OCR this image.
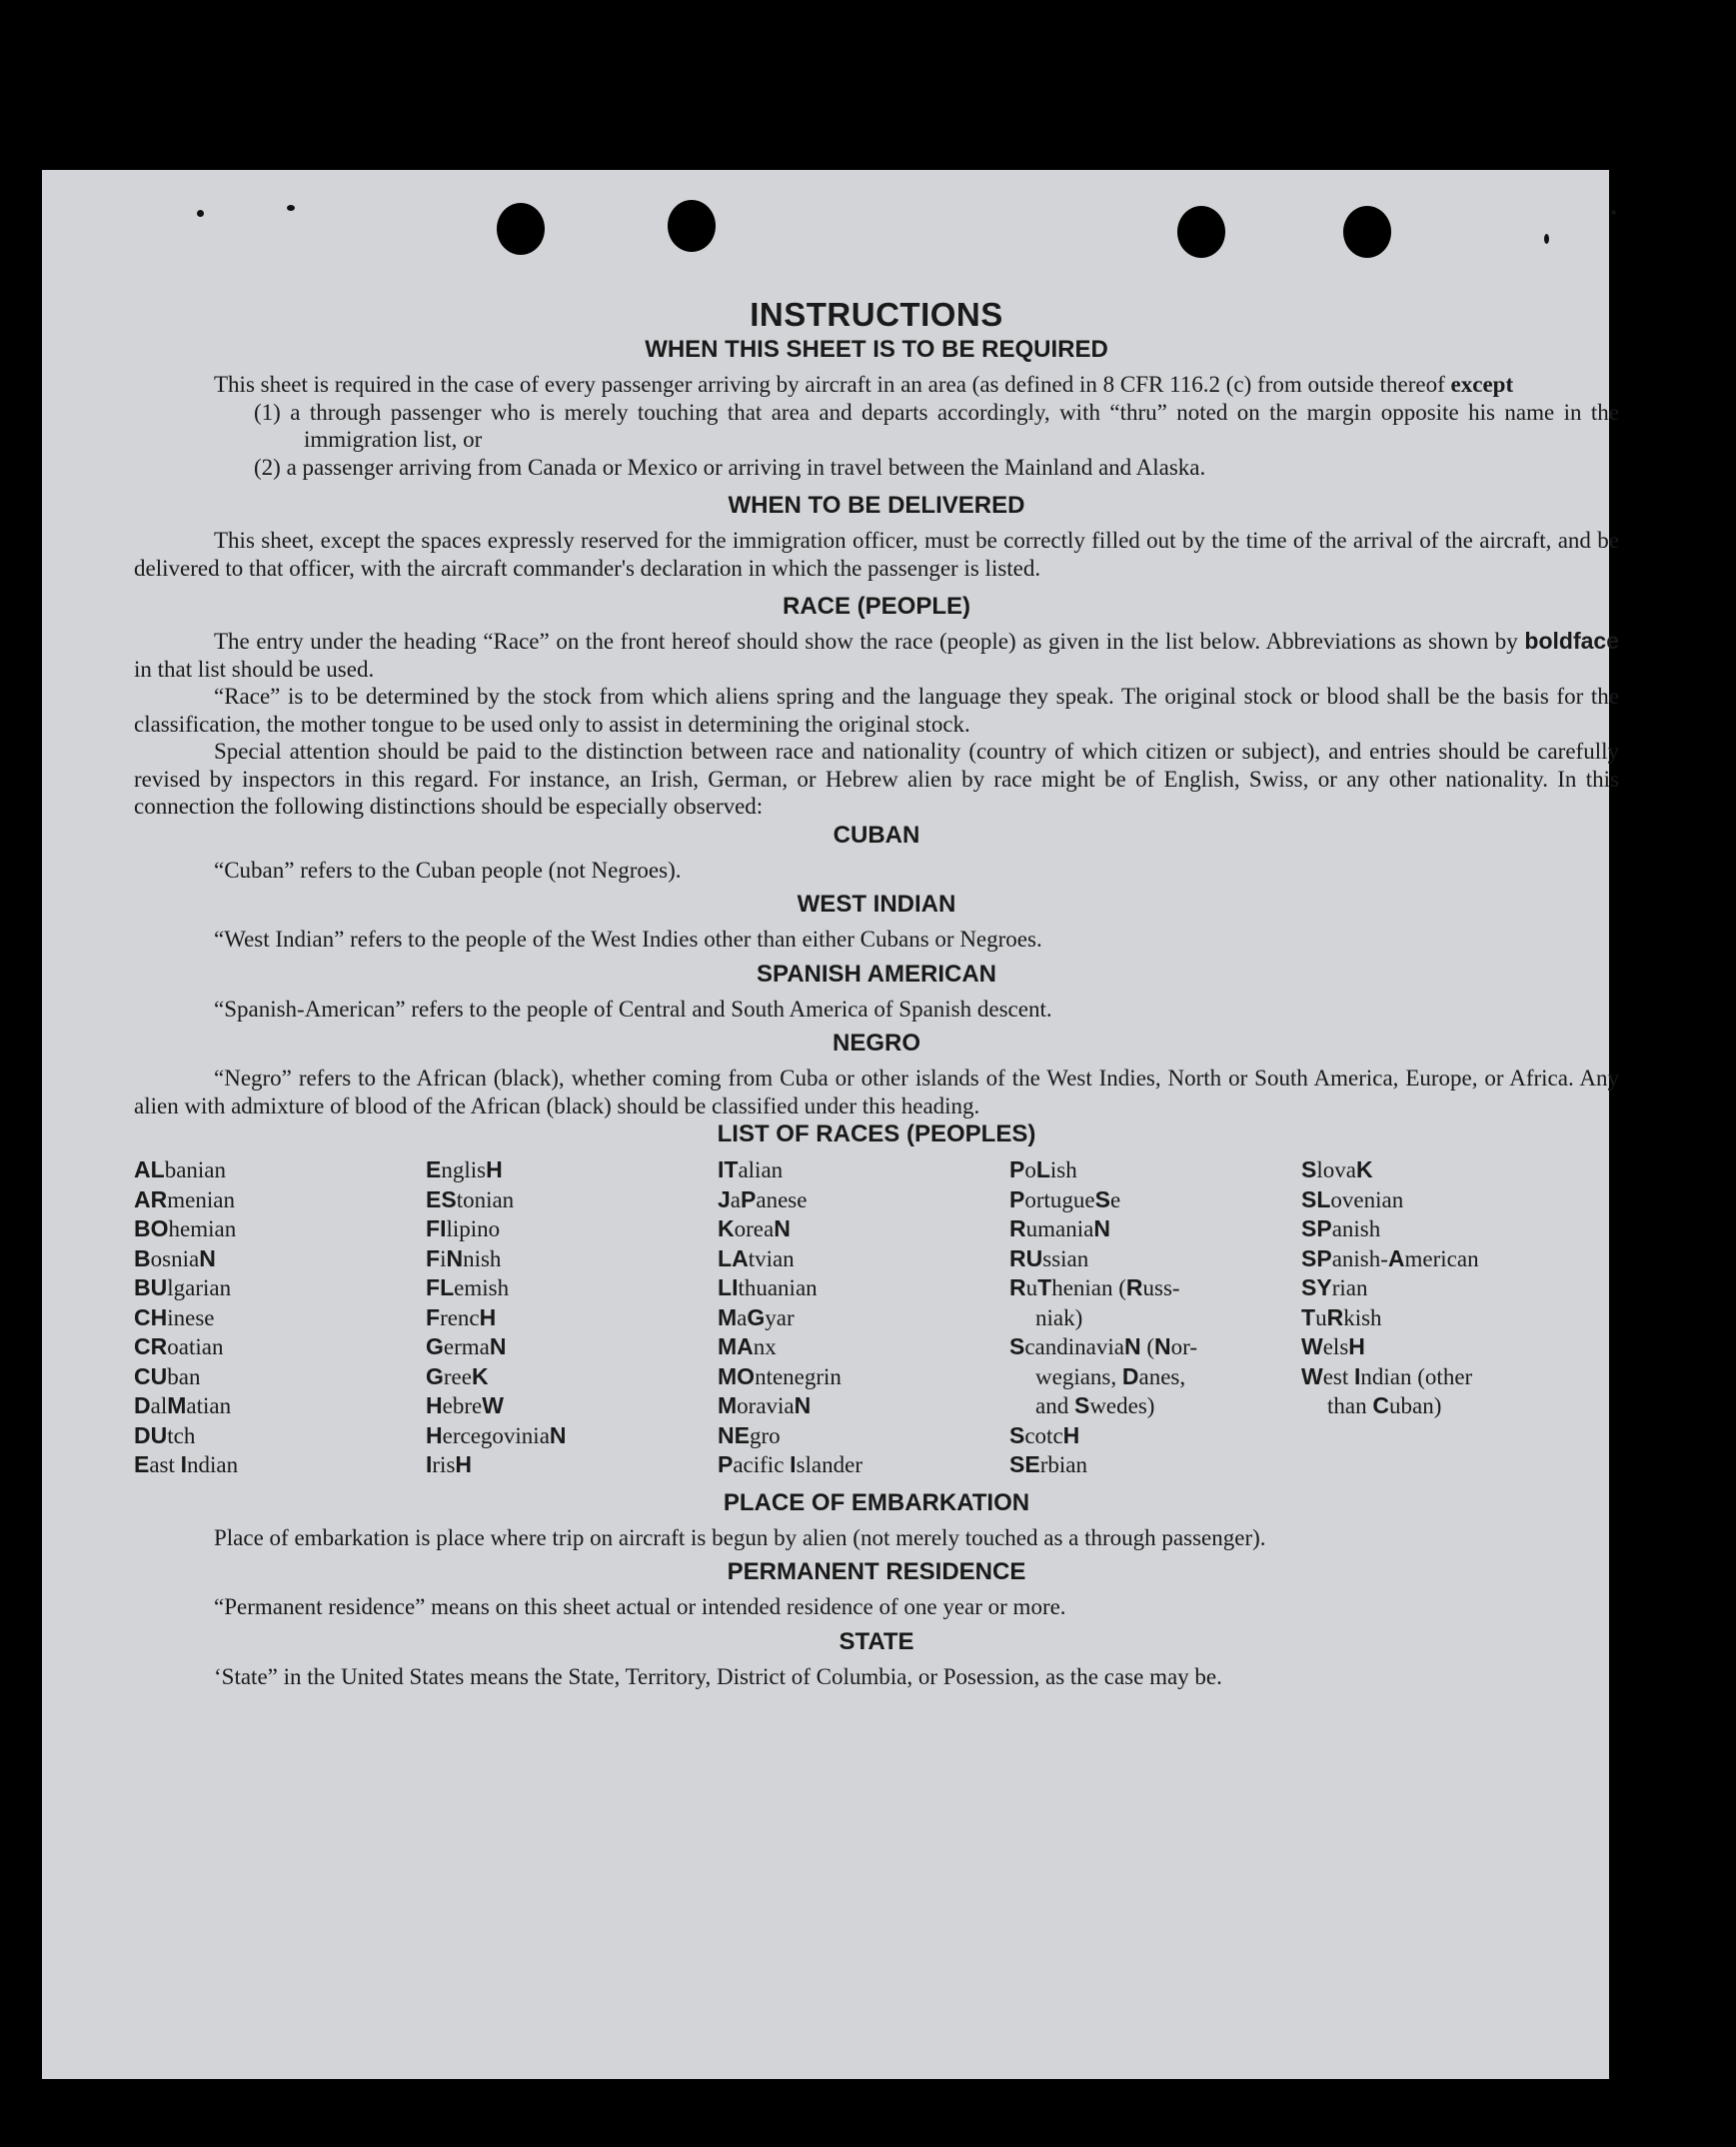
INSTRUCTIONS
WHEN THIS SHEET IS TO BE REQUIRED

This sheet is required in the case of every passenger arriving by aircraft in an area (as defined in 8 CFR 116.2 (c) from outside thereof except

(1) a through passenger who is merely touching that area and departs accordingly, with “thru” noted on the margin opposite his name in the immigration list, or

(2) a passenger arriving from Canada or Mexico or arriving in travel between the Mainland and Alaska.

WHEN TO BE DELIVERED

This sheet, except the spaces expressly reserved for the immigration officer, must be correctly filled out by the time of the arrival of the aircraft, and be delivered to that officer, with the aircraft commander's declaration in which the passenger is listed.

RACE (PEOPLE)

The entry under the heading “Race” on the front hereof should show the race (people) as given in the list below. Abbreviations as shown by boldface in that list should be used.

“Race” is to be determined by the stock from which aliens spring and the language they speak. The original stock or blood shall be the basis for the classification, the mother tongue to be used only to assist in determining the original stock.

Special attention should be paid to the distinction between race and nationality (country of which citizen or subject), and entries should be carefully revised by inspectors in this regard. For instance, an Irish, German, or Hebrew alien by race might be of English, Swiss, or any other nationality. In this connection the following distinctions should be especially observed:

CUBAN

“Cuban” refers to the Cuban people (not Negroes).

WEST INDIAN

“West Indian” refers to the people of the West Indies other than either Cubans or Negroes.

SPANISH AMERICAN

“Spanish-American” refers to the people of Central and South America of Spanish descent.

NEGRO

“Negro” refers to the African (black), whether coming from Cuba or other islands of the West Indies, North or South America, Europe, or Africa. Any alien with admixture of blood of the African (black) should be classified under this heading.

LIST OF RACES (PEOPLES)
ALbanian
ARmenian
BOhemian
BosniaN
BUlgarian
CHinese
CRoatian
CUban
DalMatian
DUtch
East Indian
EnglisH
EStonian
FIlipino
FiNnish
FLemish
FrencH
GermaN
GreeK
HebreW
HercegoviniaN
IrisH
ITalian
JaPanese
KoreaN
LAtvian
LIthuanian
MaGyar
MAnx
MOntenegrin
MoraviaN
NEgro
Pacific Islander
PoLish
PortugueSe
RumaniaN
RUssian
RuThenian (Russ-
niak)
ScandinaviaN (Nor-
wegians, Danes,
and Swedes)
ScotcH
SErbian
SlovaK
SLovenian
SPanish
SPanish-American
SYrian
TuRkish
WelsH
West Indian (other
than Cuban)
PLACE OF EMBARKATION

Place of embarkation is place where trip on aircraft is begun by alien (not merely touched as a through passenger).

PERMANENT RESIDENCE

“Permanent residence” means on this sheet actual or intended residence of one year or more.

STATE

‘State” in the United States means the State, Territory, District of Columbia, or Posession, as the case may be.
